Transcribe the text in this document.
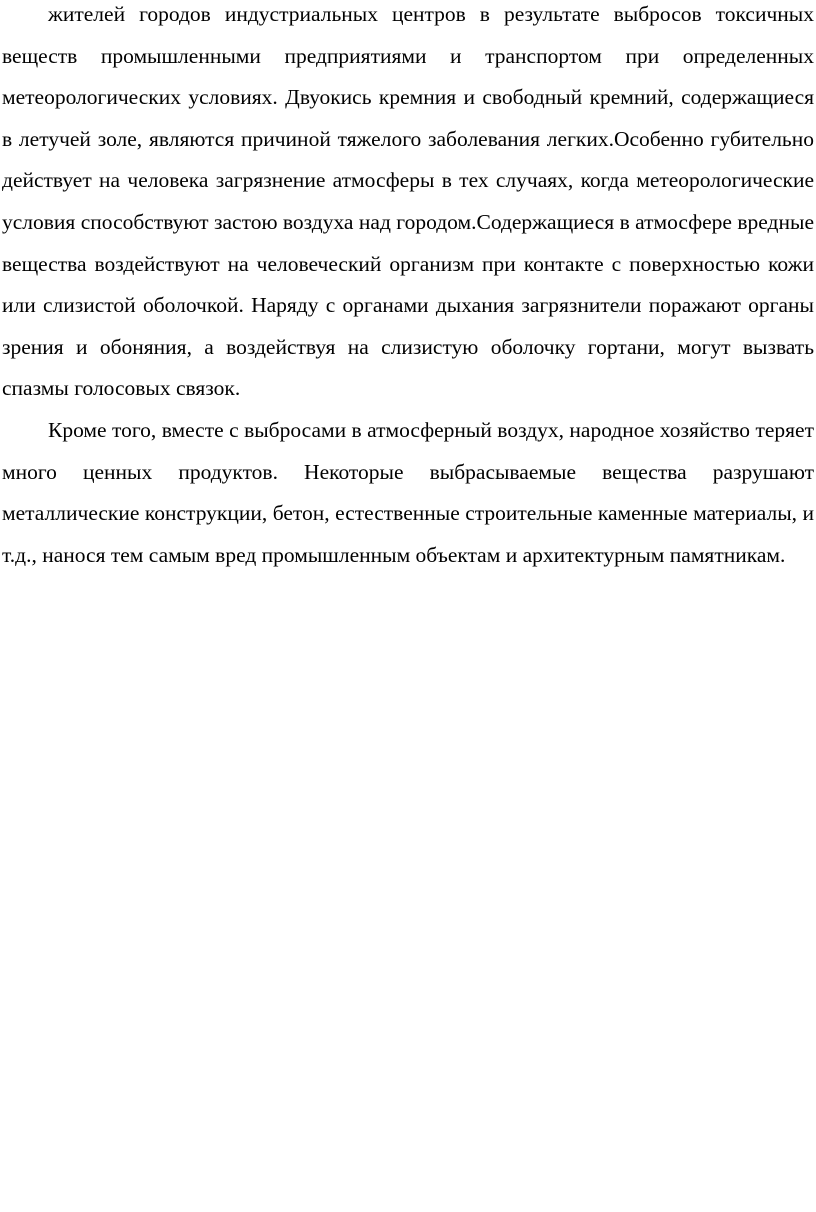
жителей городов индустриальных центров в результате выбросов токсичных веществ промышленными предприятиями и транспортом при определенных метеорологических условиях. Двуокись кремния и свободный кремний, содержащиеся в летучей золе, являются причиной тяжелого заболевания легких.Особенно губительно действует на человека загрязнение атмосферы в тех случаях, когда метеорологические условия способствуют застою воздуха над городом.Содержащиеся в атмосфере вредные вещества воздействуют на человеческий организм при контакте с поверхностью кожи или слизистой оболочкой. Наряду с органами дыхания загрязнители поражают органы зрения и обоняния, а воздействуя на слизистую оболочку гортани, могут вызвать спазмы голосовых связок.

Кроме того, вместе с выбросами в атмосферный воздух, народное хозяйство теряет много ценных продуктов. Некоторые выбрасываемые вещества разрушают металлические конструкции, бетон, естественные строительные каменные материалы, и т.д., нанося тем самым вред промышленным объектам и архитектурным памятникам.
